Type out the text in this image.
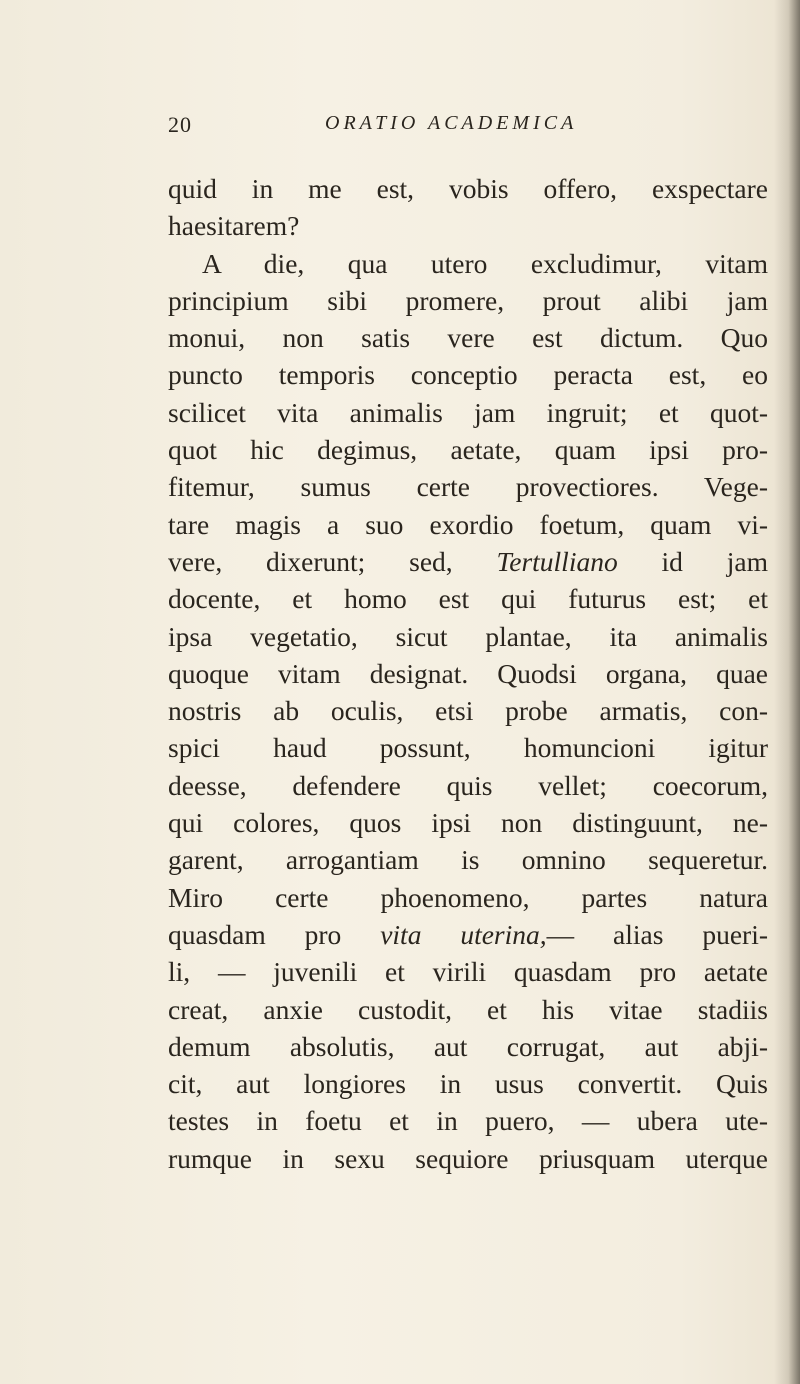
20	ORATIO ACADEMICA
quid in me est, vobis offero, exspectare
haesitarem?
A die, qua utero excludimur, vitam
principium sibi promere, prout alibi jam
monui, non satis vere est dictum. Quo
puncto temporis conceptio peracta est, eo
scilicet vita animalis jam ingruit; et quot-
quot hic degimus, aetate, quam ipsi pro-
fitemur, sumus certe provectiores. Vege-
tare magis a suo exordio foetum, quam vi-
vere, dixerunt; sed, Tertulliano id jam
docente, et homo est qui futurus est; et
ipsa vegetatio, sicut plantae, ita animalis
quoque vitam designat. Quodsi organa, quae
nostris ab oculis, etsi probe armatis, con-
spici haud possunt, homuncioni igitur
deesse, defendere quis vellet; coecorum,
qui colores, quos ipsi non distinguunt, ne-
garent, arrogantiam is omnino sequeretur.
Miro certe phoenomeno, partes natura
quasdam pro vita uterina,— alias pueri-
li, — juvenili et virili quasdam pro aetate
creat, anxie custodit, et his vitae stadiis
demum absolutis, aut corrugat, aut abji-
cit, aut longiores in usus convertit. Quis
testes in foetu et in puero, — ubera ute-
rumque in sexu sequiore priusquam uterque
